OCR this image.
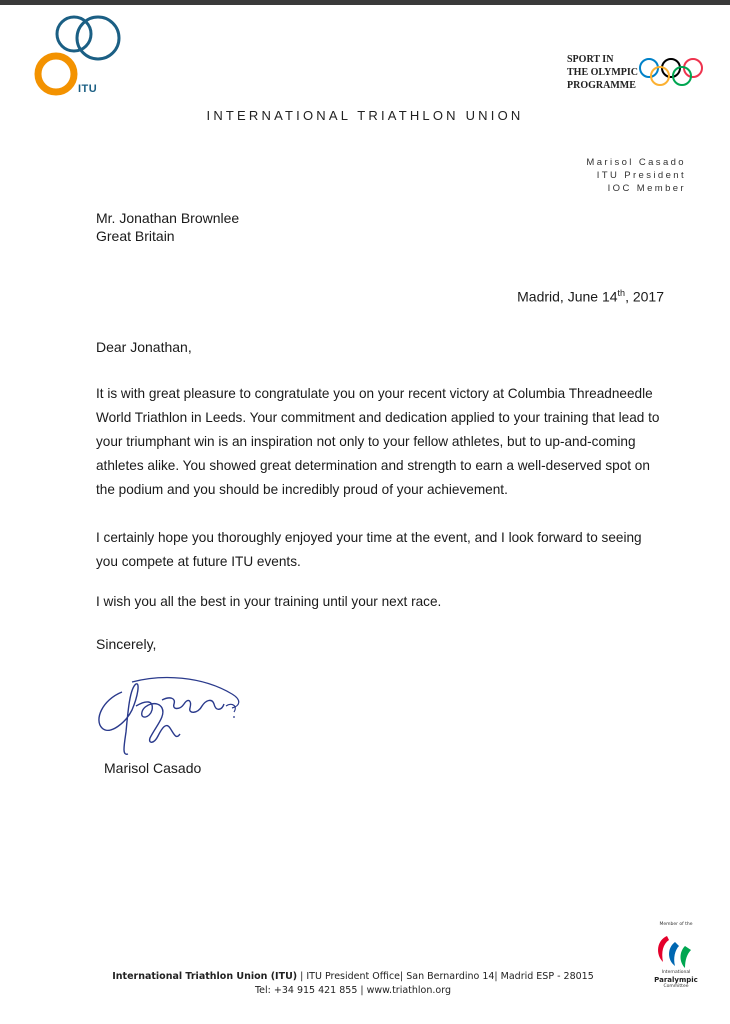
ITU
SPORT IN
THE OLYMPIC
PROGRAMME
INTERNATIONAL TRIATHLON UNION
Marisol Casado
ITU President
IOC Member
Mr. Jonathan Brownlee
Great Britain
Madrid, June 14th, 2017
Dear Jonathan,
It is with great pleasure to congratulate you on your recent victory at Columbia Threadneedle World Triathlon in Leeds. Your commitment and dedication applied to your training that lead to your triumphant win is an inspiration not only to your fellow athletes, but to up-and-coming athletes alike. You showed great determination and strength to earn a well-deserved spot on the podium and you should be incredibly proud of your achievement.
I certainly hope you thoroughly enjoyed your time at the event, and I look forward to seeing you compete at future ITU events.
I wish you all the best in your training until your next race.
Sincerely,
Marisol Casado
Member of the
International
Paralympic
Committee
International Triathlon Union (ITU) | ITU President Office| San Bernardino 14| Madrid ESP - 28015
Tel: +34 915 421 855 | www.triathlon.org
